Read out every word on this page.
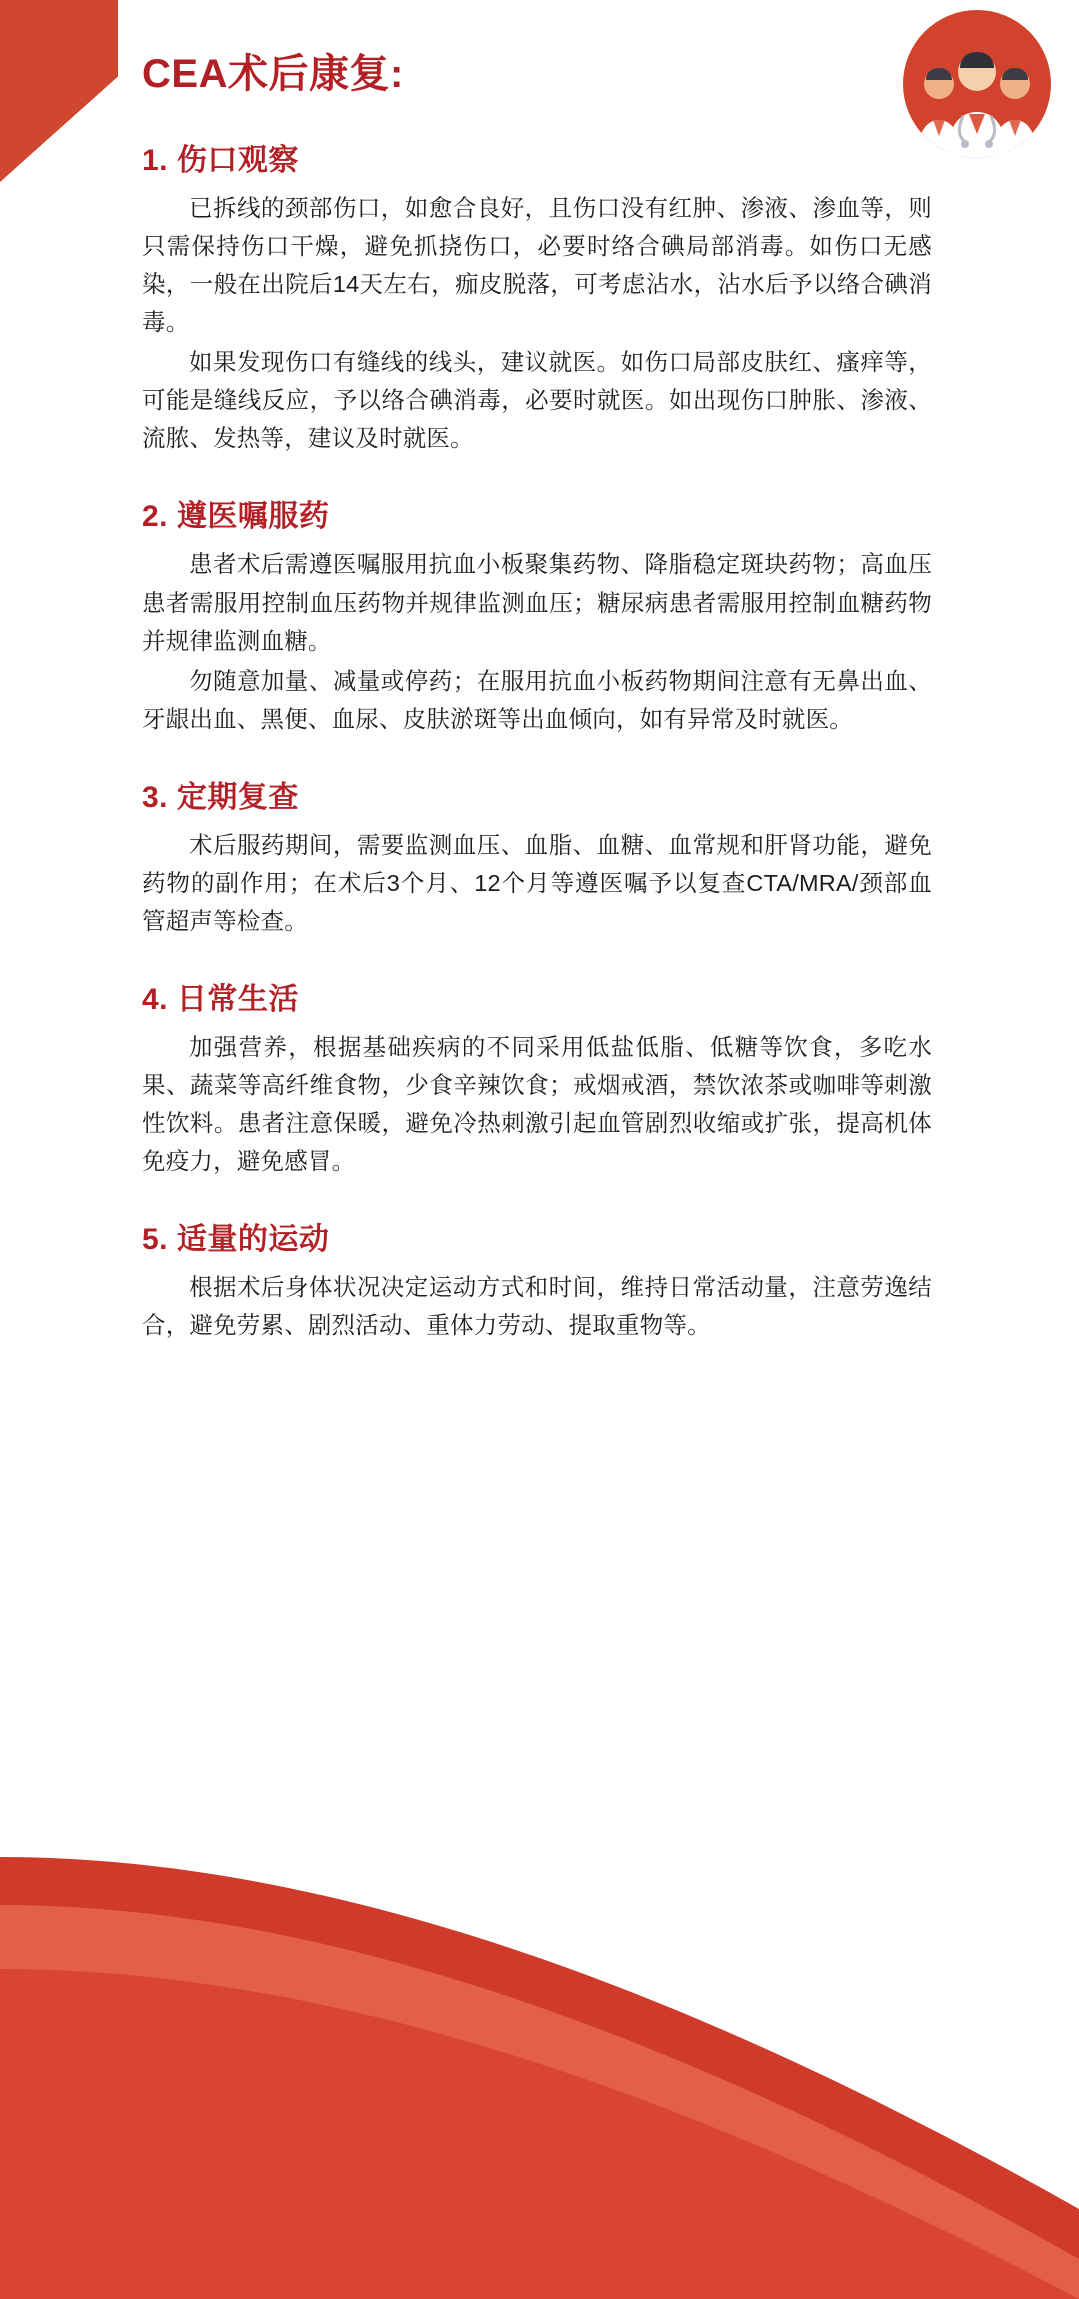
CEA术后康复:
1. 伤口观察
已拆线的颈部伤口，如愈合良好，且伤口没有红肿、渗液、渗血等，则只需保持伤口干燥，避免抓挠伤口，必要时络合碘局部消毒。如伤口无感染，一般在出院后14天左右，痂皮脱落，可考虑沾水，沾水后予以络合碘消毒。
如果发现伤口有缝线的线头，建议就医。如伤口局部皮肤红、瘙痒等，可能是缝线反应，予以络合碘消毒，必要时就医。如出现伤口肿胀、渗液、流脓、发热等，建议及时就医。
2. 遵医嘱服药
患者术后需遵医嘱服用抗血小板聚集药物、降脂稳定斑块药物；高血压患者需服用控制血压药物并规律监测血压；糖尿病患者需服用控制血糖药物并规律监测血糖。
勿随意加量、减量或停药；在服用抗血小板药物期间注意有无鼻出血、牙龈出血、黑便、血尿、皮肤淤斑等出血倾向，如有异常及时就医。
3. 定期复查
术后服药期间，需要监测血压、血脂、血糖、血常规和肝肾功能，避免药物的副作用；在术后3个月、12个月等遵医嘱予以复查CTA/MRA/颈部血管超声等检查。
4. 日常生活
加强营养，根据基础疾病的不同采用低盐低脂、低糖等饮食，多吃水果、蔬菜等高纤维食物，少食辛辣饮食；戒烟戒酒，禁饮浓茶或咖啡等刺激性饮料。患者注意保暖，避免冷热刺激引起血管剧烈收缩或扩张，提高机体免疫力，避免感冒。
5. 适量的运动
根据术后身体状况决定运动方式和时间，维持日常活动量，注意劳逸结合，避免劳累、剧烈活动、重体力劳动、提取重物等。
